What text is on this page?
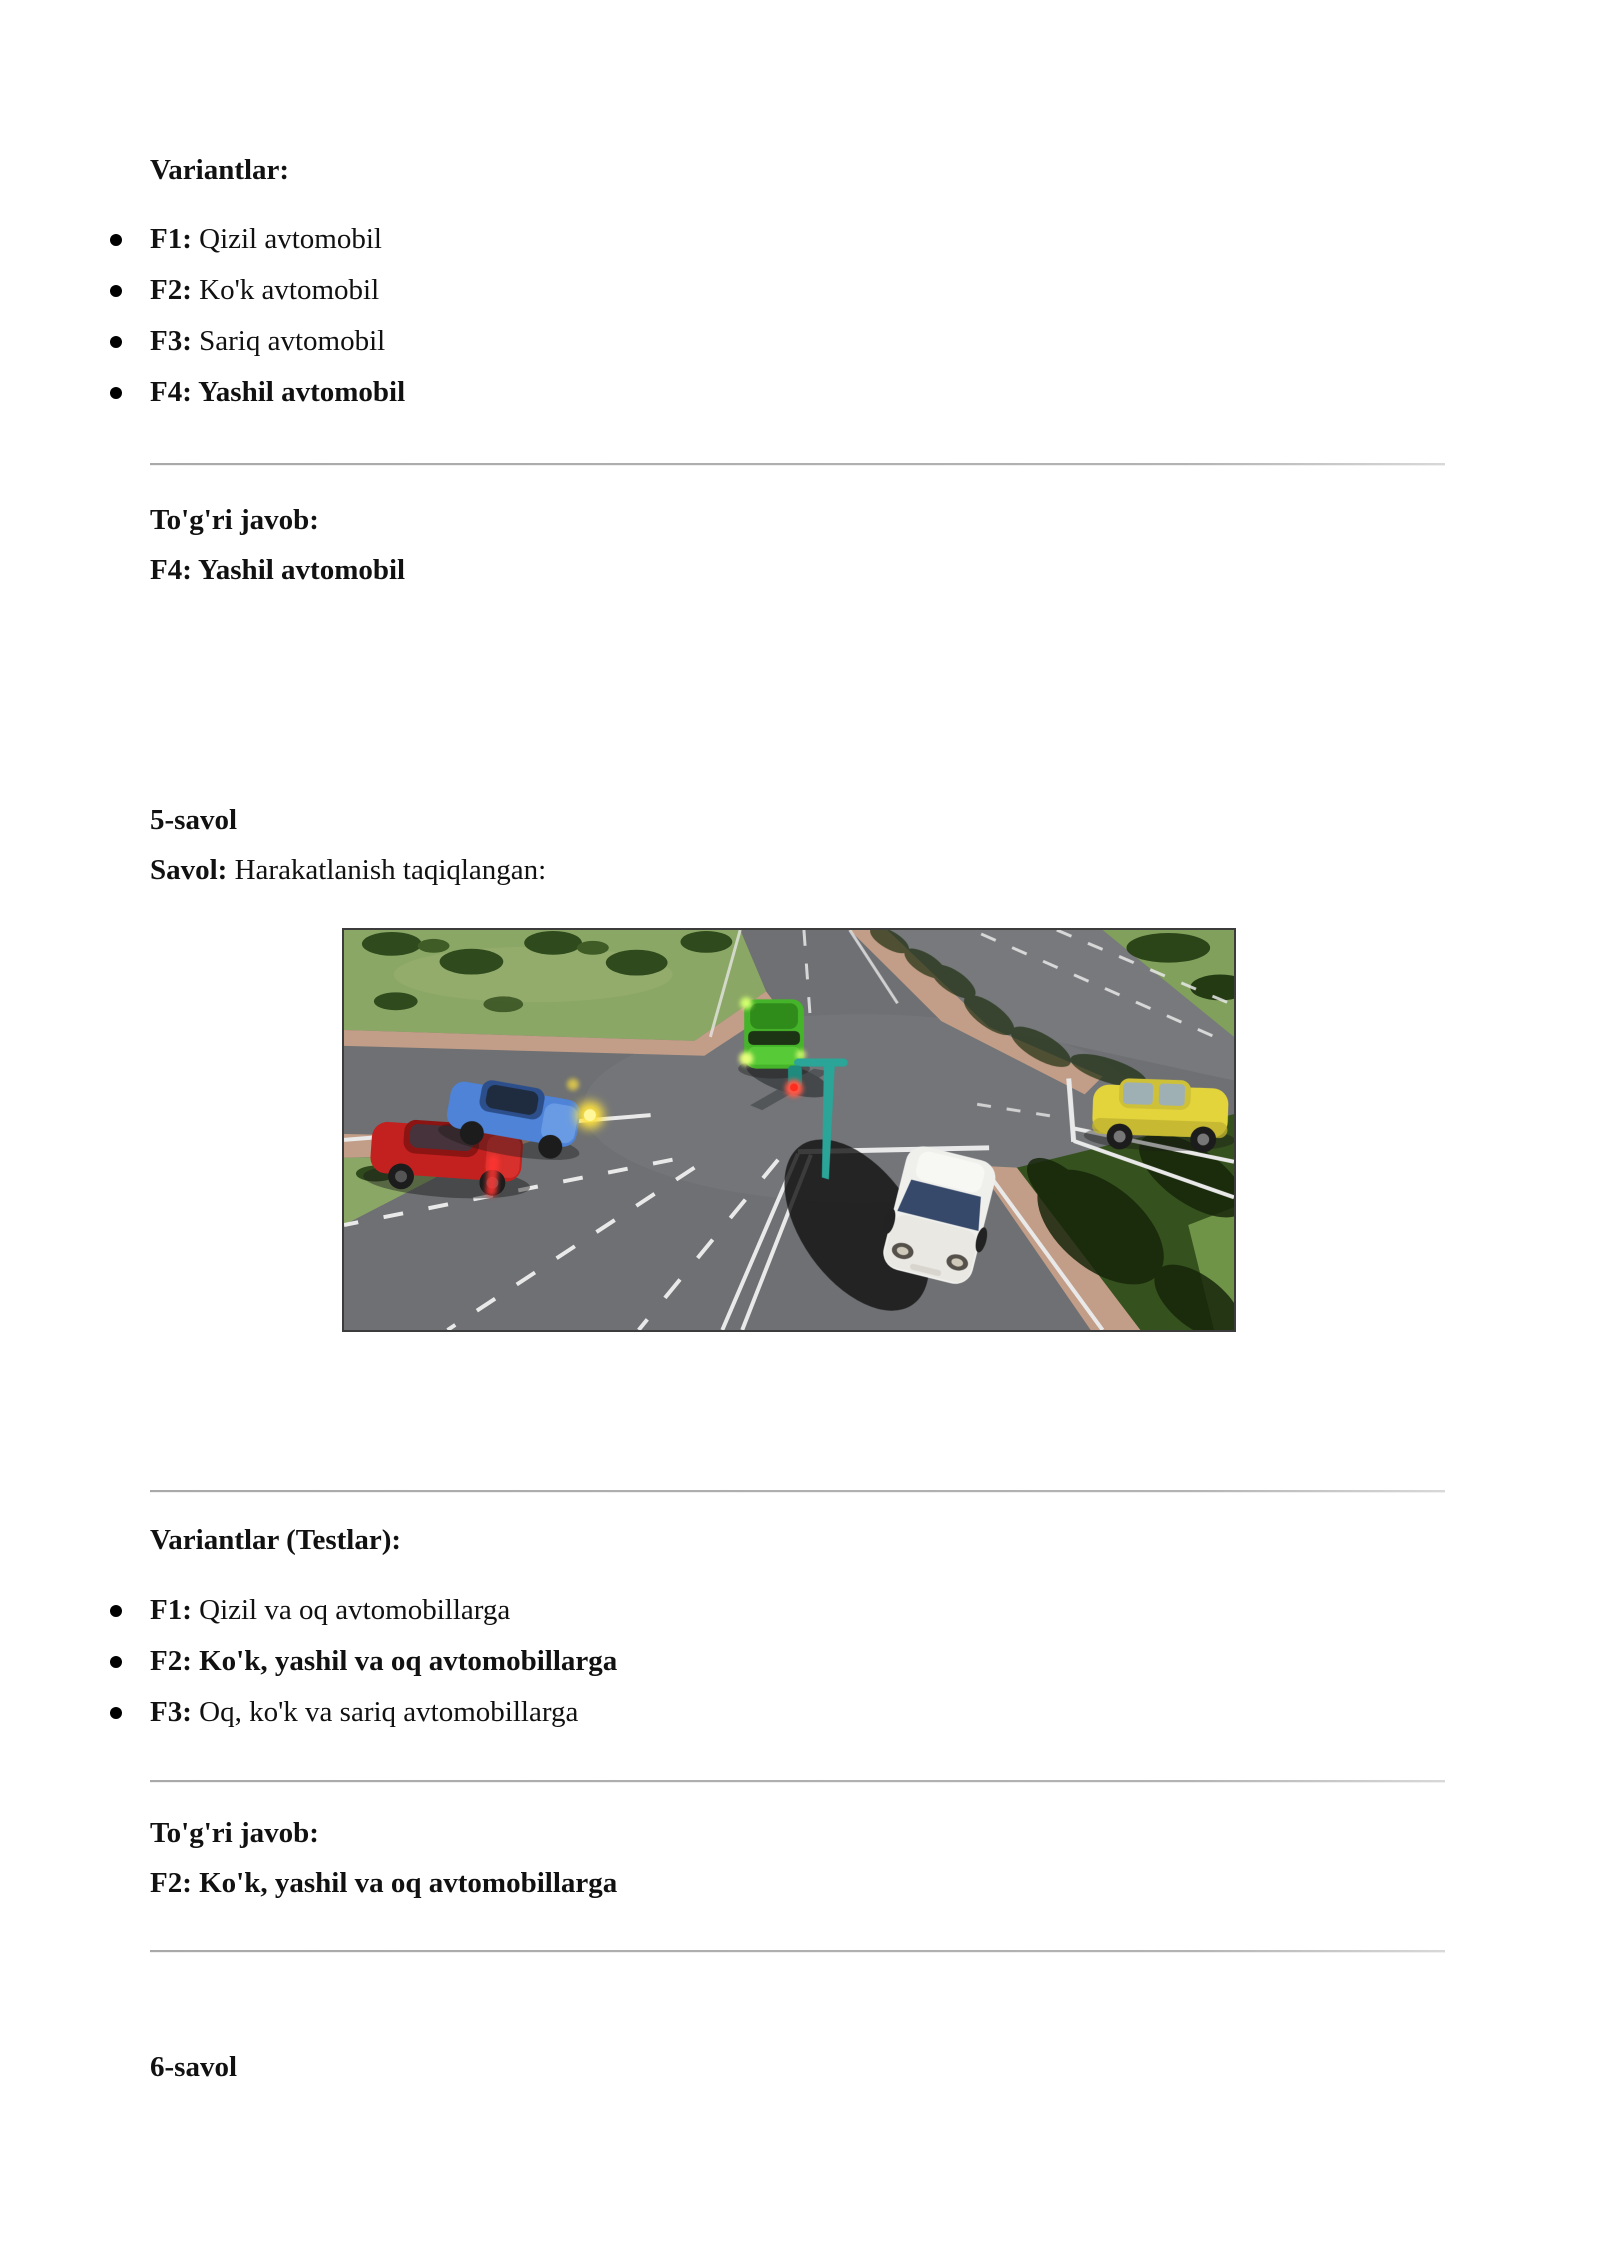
Variantlar:
F1: Qizil avtomobil
F2: Ko'k avtomobil
F3: Sariq avtomobil
F4: Yashil avtomobil

To'g'ri javob:

F4: Yashil avtomobil

5-savol

Savol: Harakatlanish taqiqlangan:

Variantlar (Testlar):
F1: Qizil va oq avtomobillarga
F2: Ko'k, yashil va oq avtomobillarga
F3: Oq, ko'k va sariq avtomobillarga

To'g'ri javob:

F2: Ko'k, yashil va oq avtomobillarga

6-savol
